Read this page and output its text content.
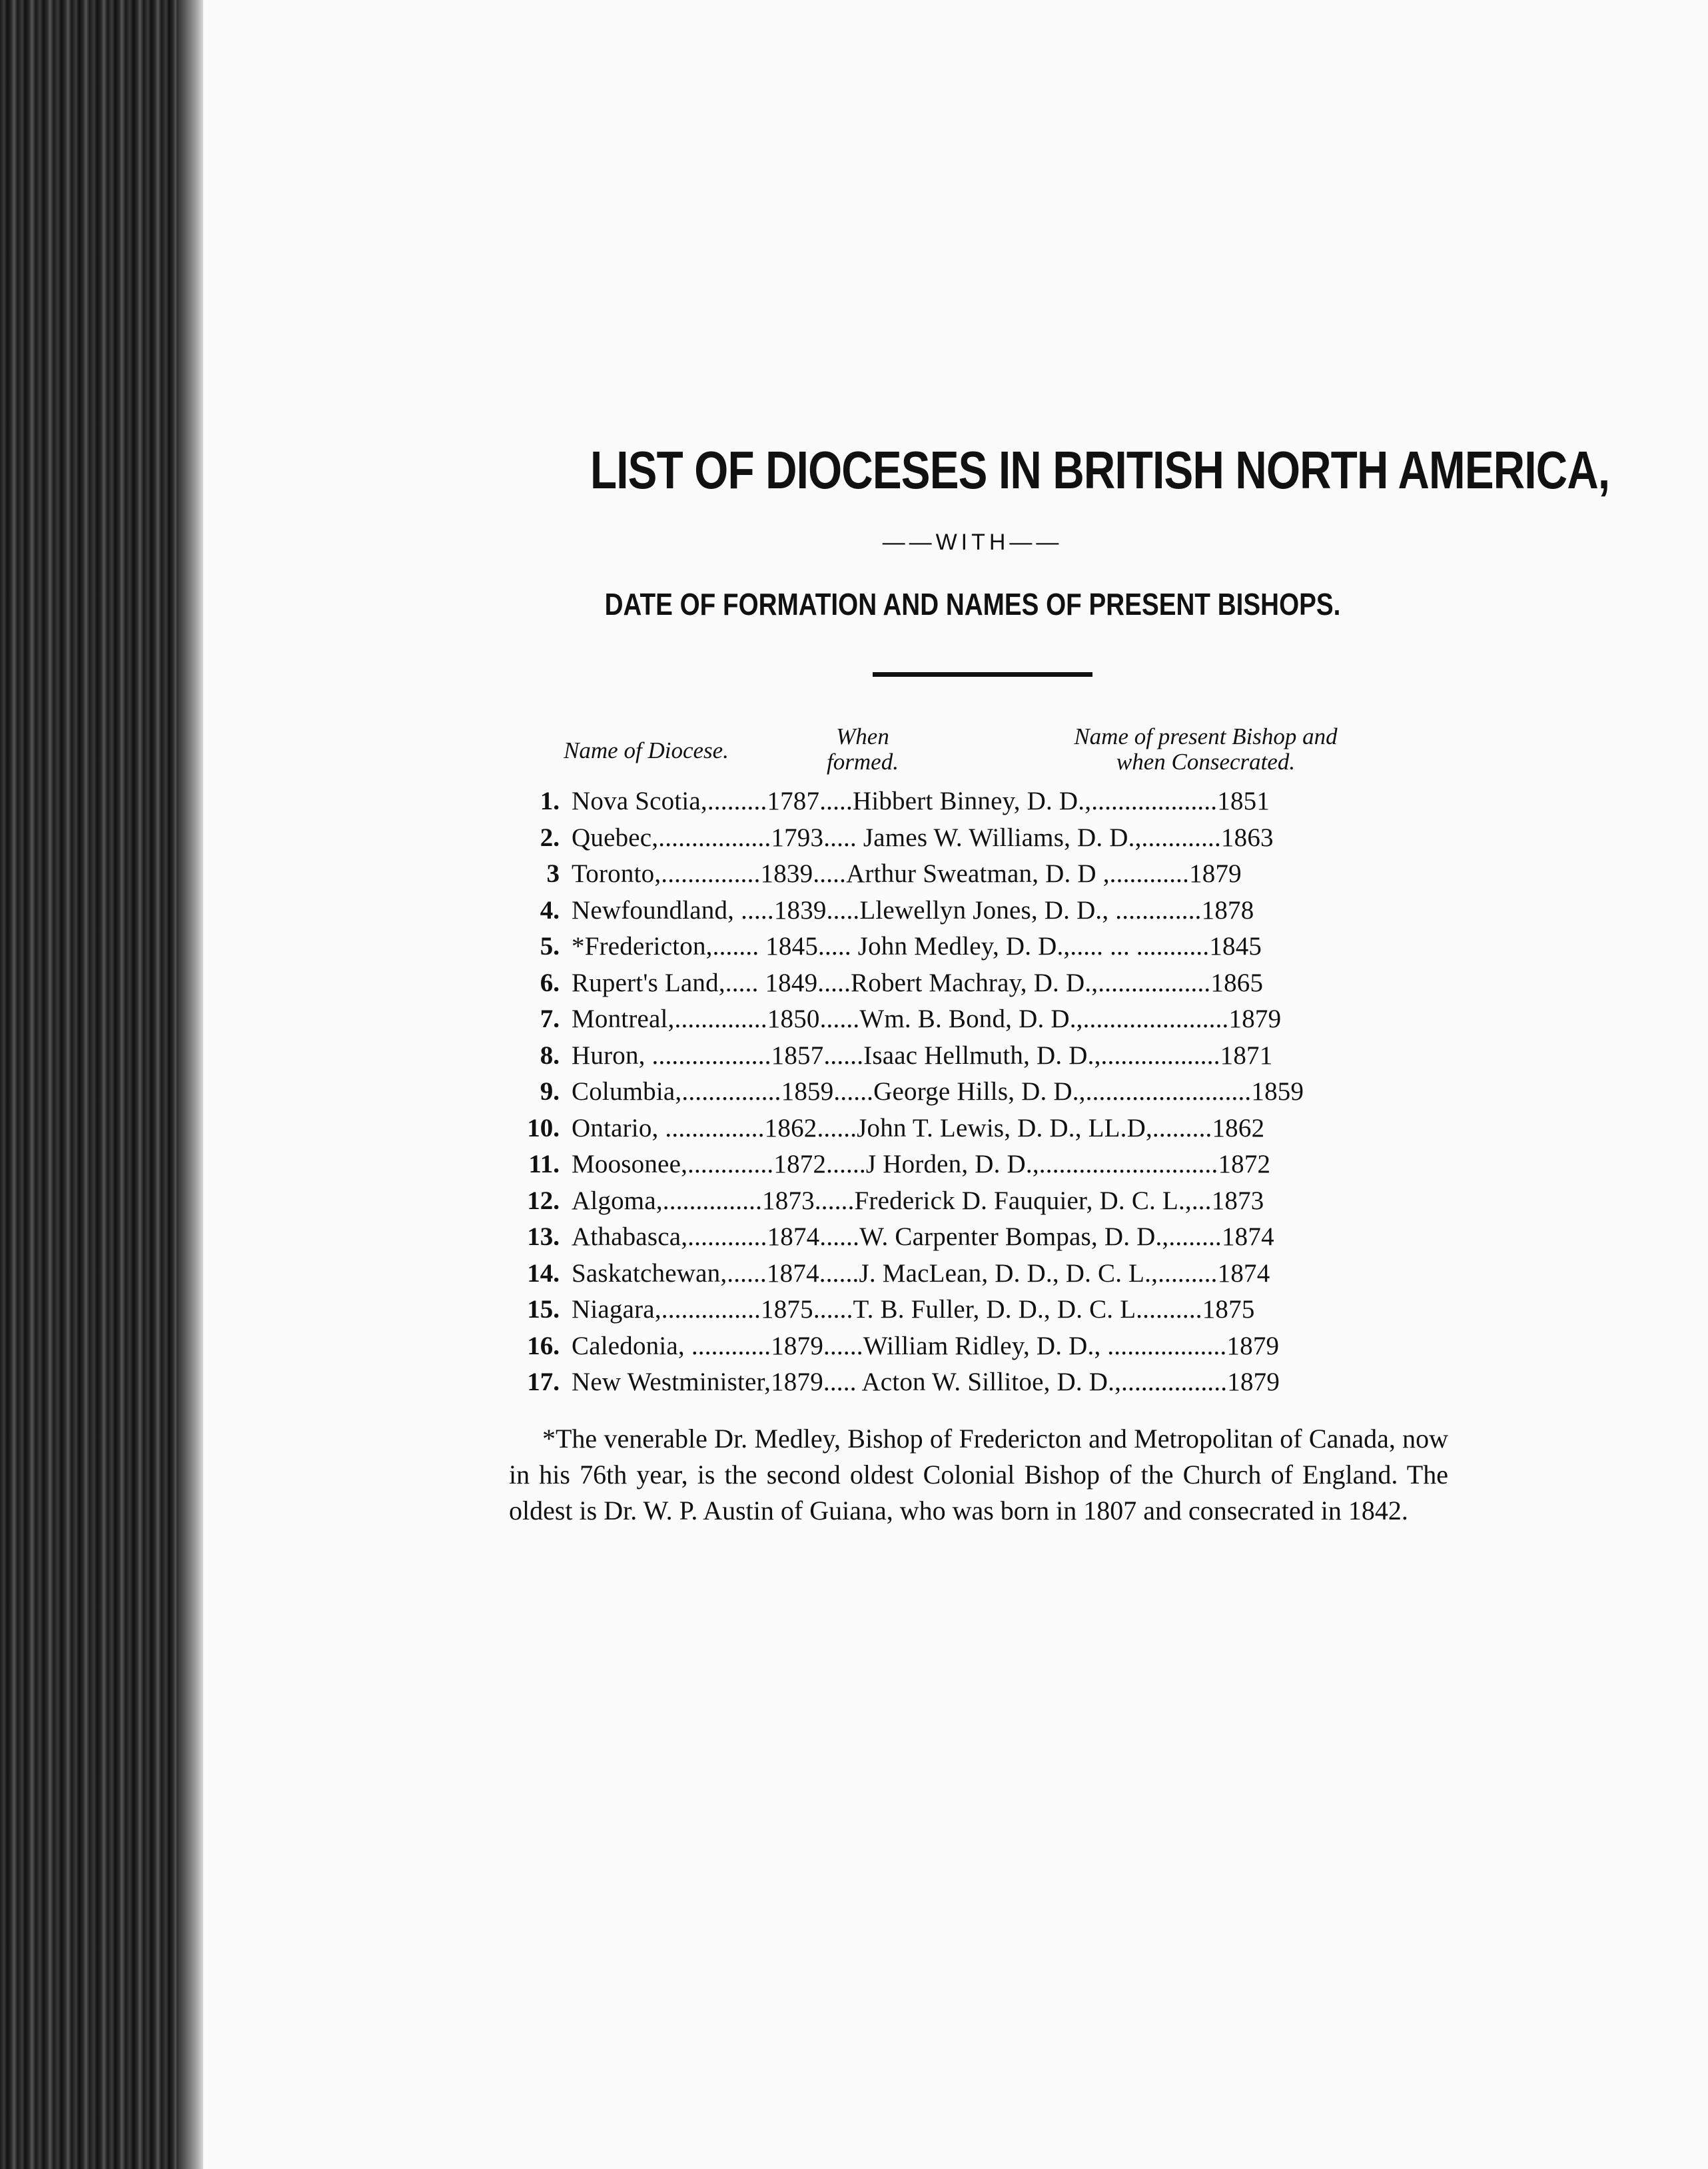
LIST OF DIOCESES IN BRITISH NORTH AMERICA,
——WITH——
DATE OF FORMATION AND NAMES OF PRESENT BISHOPS.
Name of Diocese.
When
formed.
Name of present Bishop and
when Consecrated.
1. Nova Scotia,.........1787.....Hibbert Binney, D. D.,...................1851
2. Quebec,.................1793..... James W. Williams, D. D.,............1863
3 Toronto,...............1839.....Arthur Sweatman, D. D ,............1879
4. Newfoundland, .....1839.....Llewellyn Jones, D. D., .............1878
5. *Fredericton,....... 1845..... John Medley, D. D.,..... ... ...........1845
6. Rupert's Land,..... 1849.....Robert Machray, D. D.,.................1865
7. Montreal,..............1850......Wm. B. Bond, D. D.,......................1879
8. Huron, ..................1857......Isaac Hellmuth, D. D.,..................1871
9. Columbia,...............1859......George Hills, D. D.,.........................1859
10. Ontario, ...............1862......John T. Lewis, D. D., LL.D,.........1862
11. Moosonee,.............1872......J Horden, D. D.,...........................1872
12. Algoma,...............1873......Frederick D. Fauquier, D. C. L.,...1873
13. Athabasca,............1874......W. Carpenter Bompas, D. D.,........1874
14. Saskatchewan,......1874......J. MacLean, D. D., D. C. L.,.........1874
15. Niagara,...............1875......T. B. Fuller, D. D., D. C. L..........1875
16. Caledonia, ............1879......William Ridley, D. D., ..................1879
17. New Westminister,1879..... Acton W. Sillitoe, D. D.,................1879

*The venerable Dr. Medley, Bishop of Fredericton and Metropolitan of Canada, now in his 76th year, is the second oldest Colonial Bishop of the Church of England. The oldest is Dr. W. P. Austin of Guiana, who was born in 1807 and consecrated in 1842.
